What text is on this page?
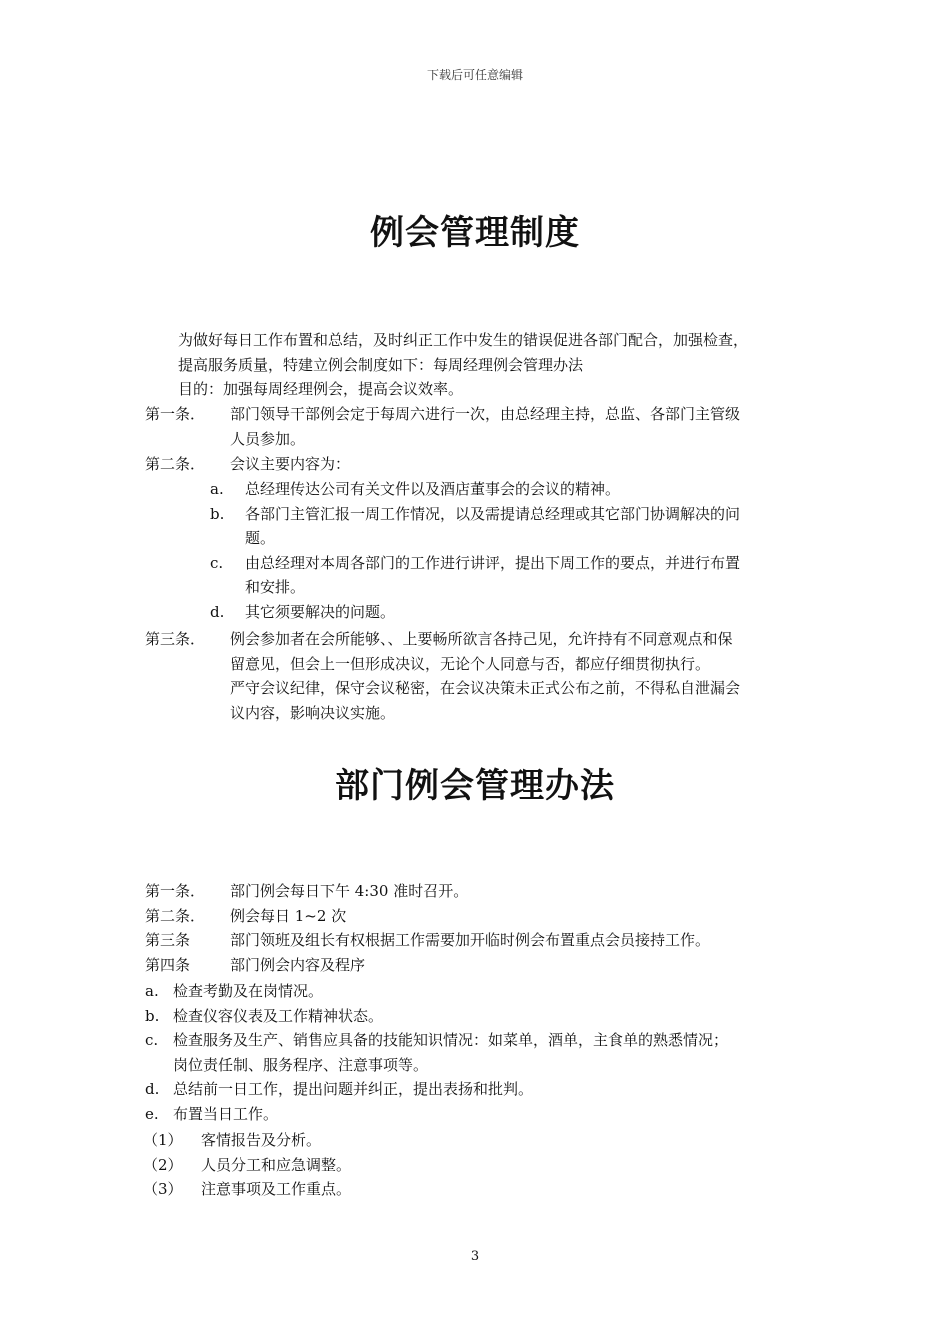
下载后可任意编辑
例会管理制度
为做好每日工作布置和总结，及时纠正工作中发生的错误促进各部门配合，加强检查，
提高服务质量，特建立例会制度如下：每周经理例会管理办法
目的：加强每周经理例会，提高会议效率。
第一条．	部门领导干部例会定于每周六进行一次，由总经理主持，总监、各部门主管级
人员参加。
第二条．	会议主要内容为：
a.	总经理传达公司有关文件以及酒店董事会的会议的精神。
b.	各部门主管汇报一周工作情况，以及需提请总经理或其它部门协调解决的问
题。
c.	由总经理对本周各部门的工作进行讲评，提出下周工作的要点，并进行布置
和安排。
d.	其它须要解决的问题。
第三条．	例会参加者在会所能够、、上要畅所欲言各持己见，允许持有不同意观点和保
留意见，但会上一但形成决议，无论个人同意与否，都应仔细贯彻执行。
严守会议纪律，保守会议秘密，在会议决策未正式公布之前，不得私自泄漏会
议内容，影响决议实施。
部门例会管理办法
第一条．	部门例会每日下午 4:30 准时召开。
第二条．	例会每日 1~2 次
第三条	部门领班及组长有权根据工作需要加开临时例会布置重点会员接持工作。
第四条	部门例会内容及程序
a. 检查考勤及在岗情况。
b. 检查仪容仪表及工作精神状态。
c. 检查服务及生产、销售应具备的技能知识情况：如菜单，酒单，主食单的熟悉情况；
岗位责任制、服务程序、注意事项等。
d. 总结前一日工作，提出问题并纠正，提出表扬和批判。
e. 布置当日工作。
（1）	客情报告及分析。
（2）	人员分工和应急调整。
（3）	注意事项及工作重点。
3
